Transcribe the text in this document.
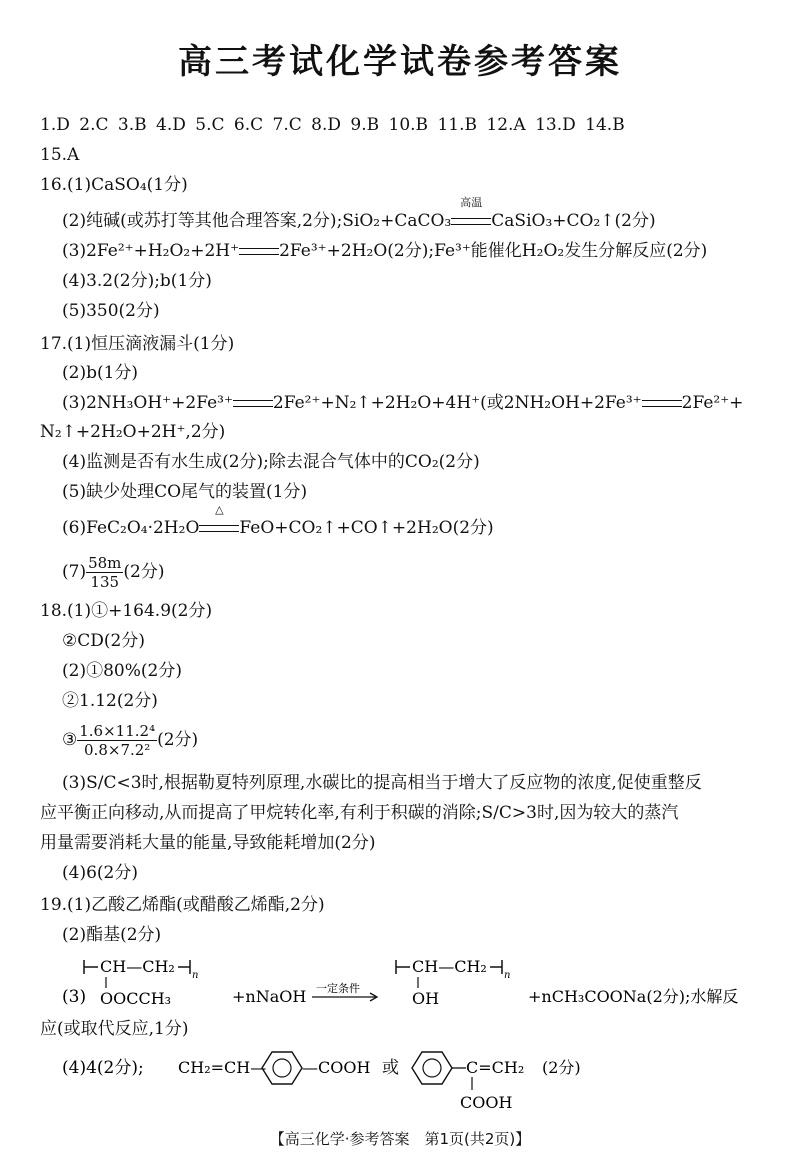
高三考试化学试卷参考答案
1.D 2.C 3.B 4.D 5.C 6.C 7.C 8.D 9.B 10.B 11.B 12.A 13.D 14.B
15.A
16.(1)CaSO₄(1分)
(2)纯碱(或苏打等其他合理答案,2分);SiO₂+CaCO₃
高温
CaSiO₃+CO₂↑(2分)
(3)2Fe²⁺+H₂O₂+2H⁺ 2Fe³⁺+2H₂O(2分);Fe³⁺能催化H₂O₂发生分解反应(2分)
(4)3.2(2分);b(1分)
(5)350(2分)
17.(1)恒压滴液漏斗(1分)
(2)b(1分)
(3)2NH₃OH⁺+2Fe³⁺ 2Fe²⁺+N₂↑+2H₂O+4H⁺(或2NH₂OH+2Fe³⁺ 2Fe²⁺+
N₂↑+2H₂O+2H⁺,2分)
(4)监测是否有水生成(2分);除去混合气体中的CO₂(2分)
(5)缺少处理CO尾气的装置(1分)
(6)FeC₂O₄·2H₂O
△
FeO+CO₂↑+CO↑+2H₂O(2分)
$(7) \frac{58m}{135} (2$分)
18.(1)①+164.9(2分)
②CD(2分)
(2)①80%(2分)
②1.12(2分)
③ $\frac{\text{1.6×11.2⁴}}{\text{0.8×7.2²}} (2$分)
(3)S/C<3时,根据勒夏特列原理,水碳比的提高相当于增大了反应物的浓度,促使重整反
应平衡正向移动,从而提高了甲烷转化率,有利于积碳的消除;S/C>3时,因为较大的蒸汽
用量需要消耗大量的能量,导致能耗增加(2分)
(4)6(2分)
19.(1)乙酸乙烯酯(或醋酸乙烯酯,2分)
(2)酯基(2分)
(3)
CH—CH₂ n
OOCCH₃	+nNaOH 一定条件
CH—CH₂ n
OH	+nCH₃COONa(2分);水解反
应(或取代反应,1分)
(4)4(2分); CH₂=CH— —COOH 或	C=CH₂
COOH
(2分)
【高三化学·参考答案　第1页(共2页)】
